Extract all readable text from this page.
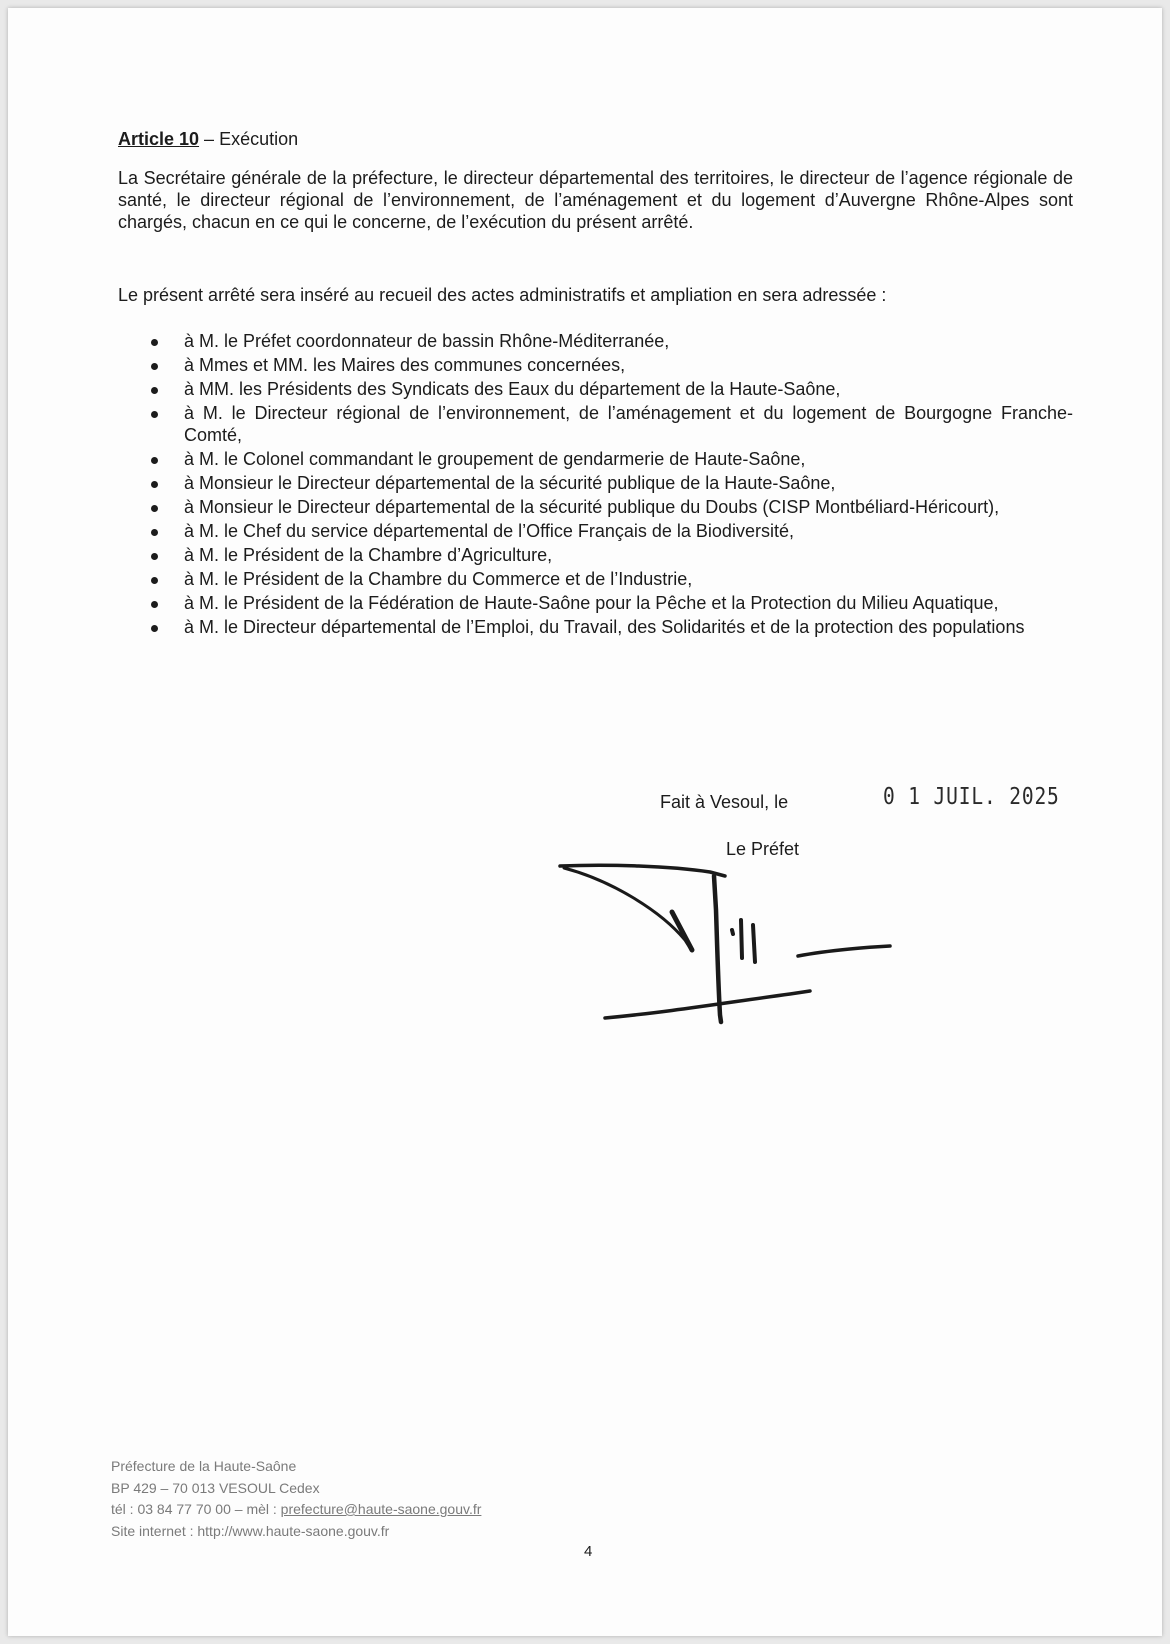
Article 10 – Exécution
La Secrétaire générale de la préfecture, le directeur départemental des territoires, le directeur de l’agence régionale de santé, le directeur régional de l’environnement, de l’aménagement et du logement d’Auvergne Rhône-Alpes sont chargés, chacun en ce qui le concerne, de l’exécution du présent arrêté.
Le présent arrêté sera inséré au recueil des actes administratifs et ampliation en sera adressée :
à M. le Préfet coordonnateur de bassin Rhône-Méditerranée,
à Mmes et MM. les Maires des communes concernées,
à MM. les Présidents des Syndicats des Eaux du département de la Haute-Saône,
à M. le Directeur régional de l’environnement, de l’aménagement et du logement de Bourgogne Franche-Comté,
à M. le Colonel commandant le groupement de gendarmerie de Haute-Saône,
à Monsieur le Directeur départemental de la sécurité publique de la Haute-Saône,
à Monsieur le Directeur départemental de la sécurité publique du Doubs (CISP Montbéliard-Héricourt),
à M. le Chef du service départemental de l’Office Français de la Biodiversité,
à M. le Président de la Chambre d’Agriculture,
à M. le Président de la Chambre du Commerce et de l’Industrie,
à M. le Président de la Fédération de Haute-Saône pour la Pêche et la Protection du Milieu Aquatique,
à M. le Directeur départemental de l’Emploi, du Travail, des Solidarités et de la protection des populations
Fait à Vesoul, le	0 1 JUIL. 2025
Le Préfet
Préfecture de la Haute-Saône
BP 429 – 70 013 VESOUL Cedex
tél : 03 84 77 70 00 – mèl : prefecture@haute-saone.gouv.fr
Site internet : http://www.haute-saone.gouv.fr
4
